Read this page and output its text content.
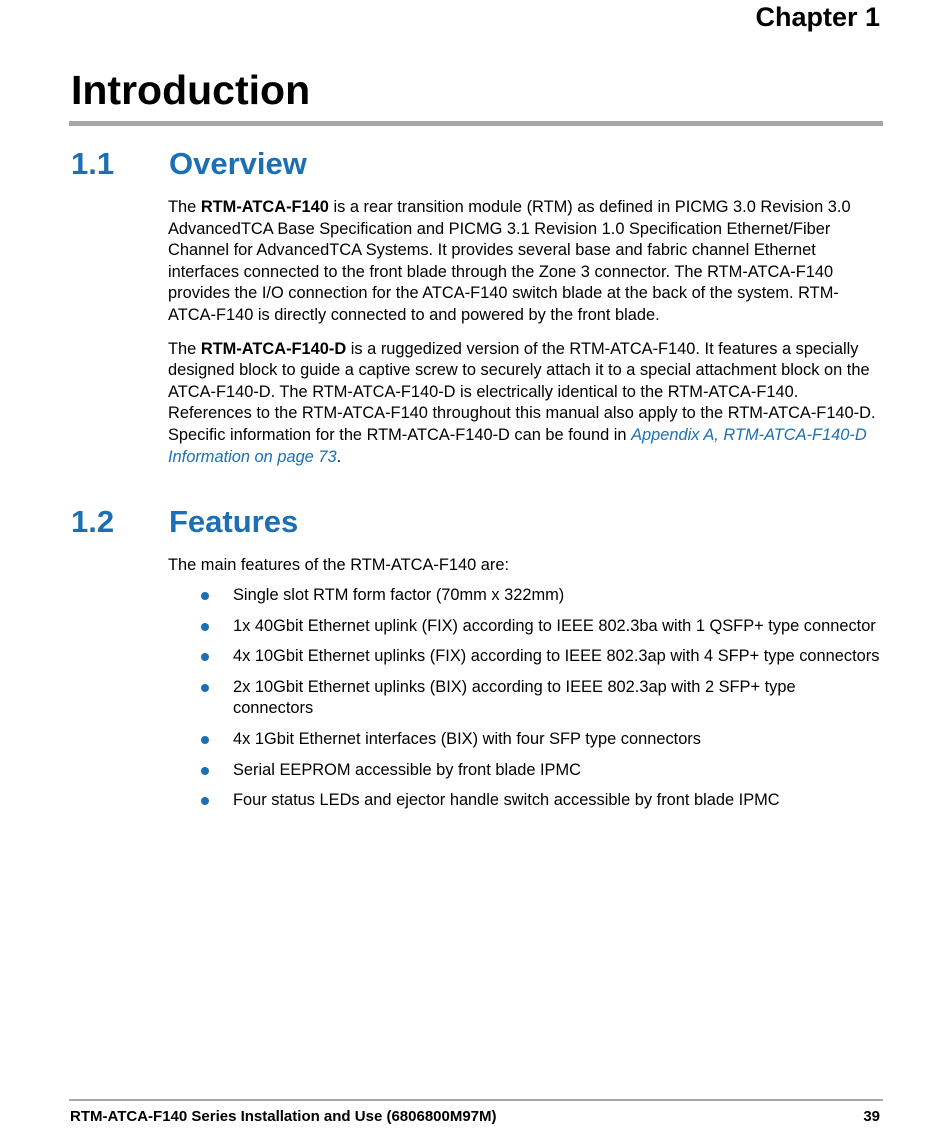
Chapter 1
Introduction
1.1 Overview

The RTM-ATCA-F140 is a rear transition module (RTM) as defined in PICMG 3.0 Revision 3.0 AdvancedTCA Base Specification and PICMG 3.1 Revision 1.0 Specification Ethernet/Fiber Channel for AdvancedTCA Systems. It provides several base and fabric channel Ethernet interfaces connected to the front blade through the Zone 3 connector. The RTM-ATCA-F140 provides the I/O connection for the ATCA-F140 switch blade at the back of the system. RTM-ATCA-F140 is directly connected to and powered by the front blade.

The RTM-ATCA-F140-D is a ruggedized version of the RTM-ATCA-F140. It features a specially designed block to guide a captive screw to securely attach it to a special attachment block on the ATCA-F140-D. The RTM-ATCA-F140-D is electrically identical to the RTM-ATCA-F140. References to the RTM-ATCA-F140 throughout this manual also apply to the RTM-ATCA-F140-D. Specific information for the RTM-ATCA-F140-D can be found in Appendix A, RTM-ATCA-F140-D Information on page 73.

1.2 Features

The main features of the RTM-ATCA-F140 are:

Single slot RTM form factor (70mm x 322mm)
1x 40Gbit Ethernet uplink (FIX) according to IEEE 802.3ba with 1 QSFP+ type connector
4x 10Gbit Ethernet uplinks (FIX) according to IEEE 802.3ap with 4 SFP+ type connectors
2x 10Gbit Ethernet uplinks (BIX) according to IEEE 802.3ap with 2 SFP+ type connectors
4x 1Gbit Ethernet interfaces (BIX) with four SFP type connectors
Serial EEPROM accessible by front blade IPMC
Four status LEDs and ejector handle switch accessible by front blade IPMC
RTM-ATCA-F140 Series Installation and Use (6806800M97M)	39
